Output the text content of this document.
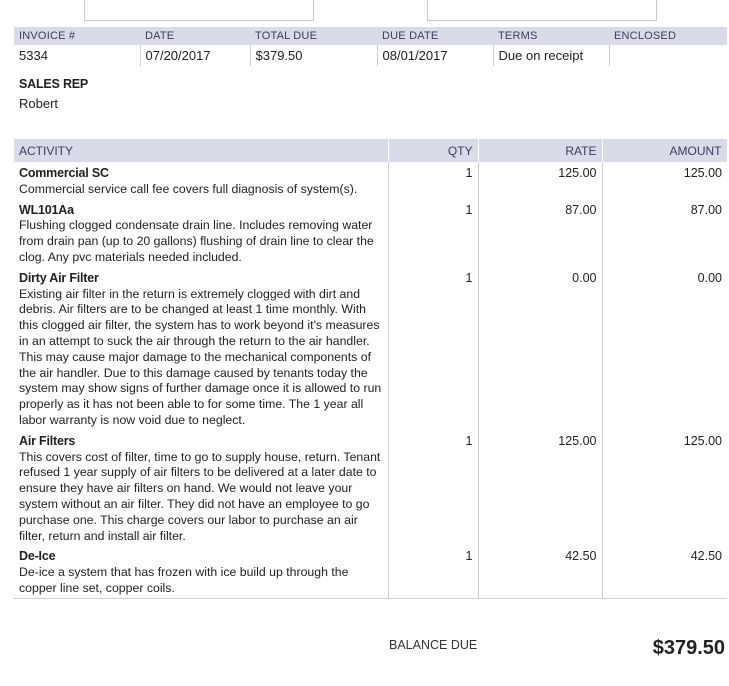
INVOICE #	DATE	TOTAL DUE	DUE DATE	TERMS	ENCLOSED
5334	07/20/2017	$379.50	08/01/2017	Due on receipt	
SALES REP
Robert
ACTIVITY	QTY	RATE	AMOUNT

Commercial SC
Commercial service call fee covers full diagnosis of system(s).	1	125.00	125.00

WL101Aa
Flushing clogged condensate drain line. Includes removing water from drain pan (up to 20 gallons) flushing of drain line to clear the clog. Any pvc materials needed included.	1	87.00	87.00

Dirty Air Filter
Existing air filter in the return is extremely clogged with dirt and debris. Air filters are to be changed at least 1 time monthly. With this clogged air filter, the system has to work beyond it's measures in an attempt to suck the air through the return to the air handler. This may cause major damage to the mechanical components of the air handler. Due to this damage caused by tenants today the system may show signs of further damage once it is allowed to run properly as it has not been able to for some time. The 1 year all labor warranty is now void due to neglect.	1	0.00	0.00

Air Filters
This covers cost of filter, time to go to supply house, return. Tenant refused 1 year supply of air filters to be delivered at a later date to ensure they have air filters on hand. We would not leave your system without an air filter. They did not have an employee to go purchase one. This charge covers our labor to purchase an air filter, return and install air filter.	1	125.00	125.00

De-Ice
De-ice a system that has frozen with ice build up through the copper line set, copper coils.	1	42.50	42.50
BALANCE DUE	$379.50
